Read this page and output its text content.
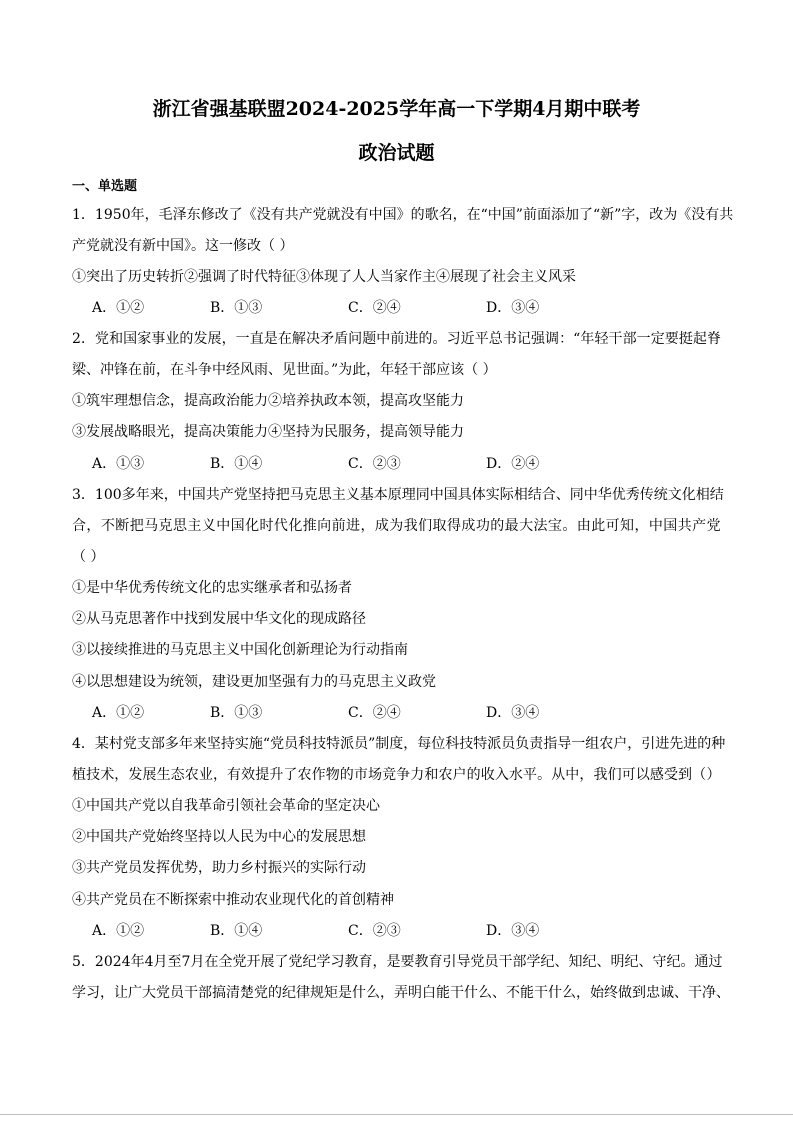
浙江省强基联盟2024-2025学年高一下学期4月期中联考
政治试题
一、单选题
1 ． 1 9 5 0 年 ， 毛 泽 东 修 改 了 《 没 有 共 产 党 就 没 有 中 国 》 的 歌 名 ， 在 “ 中 国 ” 前 面 添 加 了 “ 新 ” 字 ， 改 为 《 没 有 共
产党就没有新中国》。这一修改（ ）
①突出了历史转折②强调了时代特征③体现了人人当家作主④展现了社会主义风采
A．①②	B．①③	C．②④	D．③④
2 ． 党 和 国 家 事 业 的 发 展 ， 一 直 是 在 解 决 矛 盾 问 题 中 前 进 的 。 习 近 平 总 书 记 强 调 ： “ 年 轻 干 部 一 定 要 挺 起 脊
梁、冲锋在前，在斗争中经风雨、见世面。”为此，年轻干部应该（ ）
①筑牢理想信念，提高政治能力②培养执政本领，提高攻坚能力
③发展战略眼光，提高决策能力④坚持为民服务，提高领导能力
A．①③	B．①④	C．②③	D．②④
3 ． 1 0 0 多 年 来 ， 中 国 共 产 党 坚 持 把 马 克 思 主 义 基 本 原 理 同 中 国 具 体 实 际 相 结 合 、 同 中 华 优 秀 传 统 文 化 相 结
合 ， 不 断 把 马 克 思 主 义 中 国 化 时 代 化 推 向 前 进 ， 成 为 我 们 取 得 成 功 的 最 大 法 宝 。 由 此 可 知 ， 中 国 共 产 党
（ ）
①是中华优秀传统文化的忠实继承者和弘扬者
②从马克思著作中找到发展中华文化的现成路径
③以接续推进的马克思主义中国化创新理论为行动指南
④以思想建设为统领，建设更加坚强有力的马克思主义政党
A．①②	B．①③	C．②④	D．③④
4 ． 某 村 党 支 部 多 年 来 坚 持 实 施 “ 党 员 科 技 特 派 员 ” 制 度 ， 每 位 科 技 特 派 员 负 责 指 导 一 组 农 户 ， 引 进 先 进 的 种
植 技 术 ， 发 展 生 态 农 业 ， 有 效 提 升 了 农 作 物 的 市 场 竞 争 力 和 农 户 的 收 入 水 平 。 从 中 ， 我 们 可 以 感 受 到 （ ）
①中国共产党以自我革命引领社会革命的坚定决心
②中国共产党始终坚持以人民为中心的发展思想
③共产党员发挥优势，助力乡村振兴的实际行动
④共产党员在不断探索中推动农业现代化的首创精神
A．①②	B．①④	C．②③	D．③④
5 ． 2 0 2 4 年 4 月 至 7 月 在 全 党 开 展 了 党 纪 学 习 教 育 ， 是 要 教 育 引 导 党 员 干 部 学 纪 、 知 纪 、 明 纪 、 守 纪 。 通 过
学 习 ， 让 广 大 党 员 干 部 搞 清 楚 党 的 纪 律 规 矩 是 什 么 ， 弄 明 白 能 干 什 么 、 不 能 干 什 么 ， 始 终 做 到 忠 诚 、 干 净 、
